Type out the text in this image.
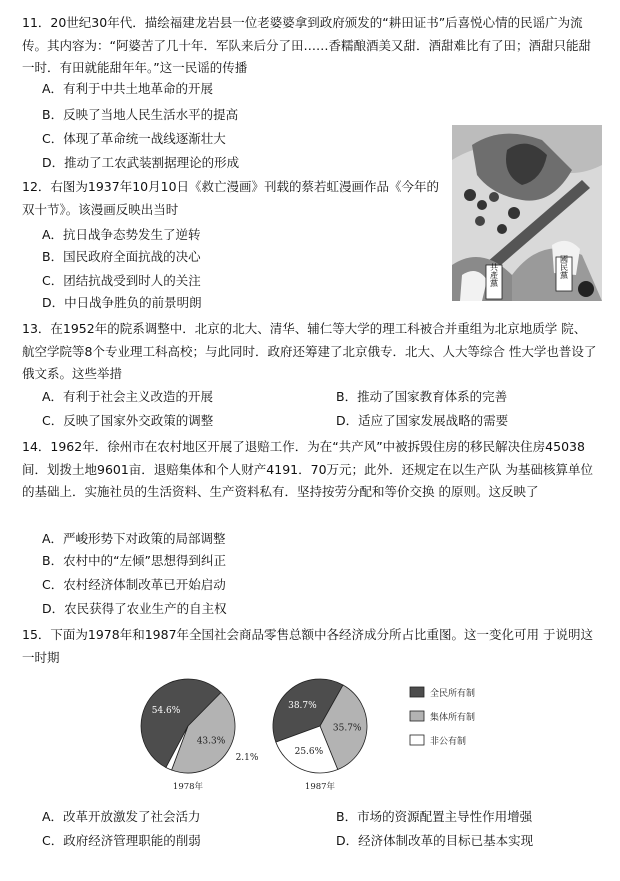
11．20世纪30年代．描绘福建龙岩县一位老婆婆拿到政府颁发的“耕田证书”后喜悦心情的民谣广为流传。其内容为：“阿婆苦了几十年．军队来后分了田……香糯酿酒美又甜．酒甜难比有了田；酒甜只能甜一时．有田就能甜年年。”这一民谣的传播

A．有利于中共土地革命的开展
B．反映了当地人民生活水平的提高
C．体现了革命统一战线逐渐壮大
D．推动了工农武装割据理论的形成

12．右图为1937年10月10日《救亡漫画》刊载的蔡若虹漫画作品《今年的双十节》。该漫画反映出当时

A．抗日战争态势发生了逆转
B．国民政府全面抗战的决心
C．团结抗战受到时人的关注
D．中日战争胜负的前景明朗
共產黨	國民黨

13．在1952年的院系调整中．北京的北大、清华、辅仁等大学的理工科被合并重组为北京地质学 院、航空学院等8个专业理工科高校；与此同时．政府还筹建了北京俄专．北大、人大等综合 性大学也普设了俄文系。这些举措

A．有利于社会主义改造的开展	B．推动了国家教育体系的完善
C．反映了国家外交政策的调整	D．适应了国家发展战略的需要

14．1962年．徐州市在农村地区开展了退赔工作．为在“共产风”中被拆毁住房的移民解决住房45038间．划拨土地9601亩．退赔集体和个人财产4191．70万元；此外．还规定在以生产队 为基础核算单位的基础上．实施社员的生活资料、生产资料私有．坚持按劳分配和等价交换 的原则。这反映了

A．严峻形势下对政策的局部调整
B．农村中的“左倾”思想得到纠正
C．农村经济体制改革已开始启动
D．农民获得了农业生产的自主权

15．下面为1978年和1987年全国社会商品零售总额中各经济成分所占比重图。这一变化可用 于说明这一时期

54.6%
43.3%
2.1%
1978年
38.7%
35.7%
25.6%
1987年
全民所有制
集体所有制
非公有制
A．改革开放激发了社会活力	B．市场的资源配置主导性作用增强
C．政府经济管理职能的削弱	D．经济体制改革的目标已基本实现
